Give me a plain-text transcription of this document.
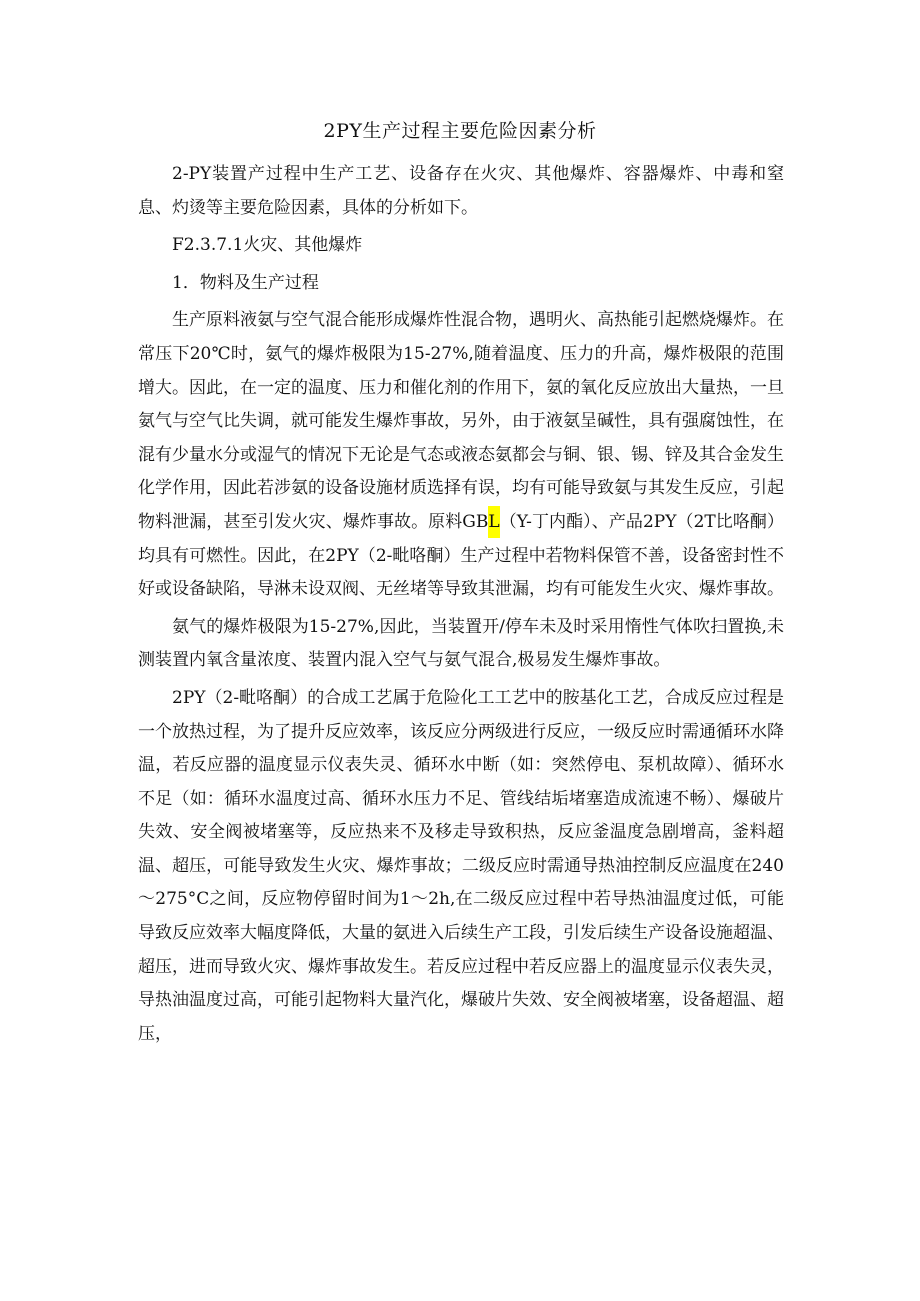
2PY生产过程主要危险因素分析

2-PY装置产过程中生产工艺、设备存在火灾、其他爆炸、容器爆炸、中毒和窒息、灼烫等主要危险因素，具体的分析如下。

F2.3.7.1火灾、其他爆炸

1．物料及生产过程

生产原料液氨与空气混合能形成爆炸性混合物，遇明火、高热能引起燃烧爆炸。在常压下20℃时，氨气的爆炸极限为15-27%,随着温度、压力的升高，爆炸极限的范围增大。因此，在一定的温度、压力和催化剂的作用下，氨的氧化反应放出大量热，一旦氨气与空气比失调，就可能发生爆炸事故，另外，由于液氨呈碱性，具有强腐蚀性，在混有少量水分或湿气的情况下无论是气态或液态氨都会与铜、银、锡、锌及其合金发生化学作用，因此若涉氨的设备设施材质选择有误，均有可能导致氨与其发生反应，引起物料泄漏，甚至引发火灾、爆炸事故。原料GBL（Y-丁内酯）、产品2PY（2T比咯酮）均具有可燃性。因此，在2PY（2-毗咯酮）生产过程中若物料保管不善，设备密封性不好或设备缺陷，导淋未设双阀、无丝堵等导致其泄漏，均有可能发生火灾、爆炸事故。

氨气的爆炸极限为15-27%,因此，当装置开/停车未及时采用惰性气体吹扫置换,未测装置内氧含量浓度、装置内混入空气与氨气混合,极易发生爆炸事故。

2PY（2-毗咯酮）的合成工艺属于危险化工工艺中的胺基化工艺，合成反应过程是一个放热过程，为了提升反应效率，该反应分两级进行反应，一级反应时需通循环水降温，若反应器的温度显示仪表失灵、循环水中断（如：突然停电、泵机故障）、循环水不足（如：循环水温度过高、循环水压力不足、管线结垢堵塞造成流速不畅）、爆破片失效、安全阀被堵塞等，反应热来不及移走导致积热，反应釜温度急剧增高，釜料超温、超压，可能导致发生火灾、爆炸事故；二级反应时需通导热油控制反应温度在240～275°C之间，反应物停留时间为1～2h,在二级反应过程中若导热油温度过低，可能导致反应效率大幅度降低，大量的氨进入后续生产工段，引发后续生产设备设施超温、超压，进而导致火灾、爆炸事故发生。若反应过程中若反应器上的温度显示仪表失灵，导热油温度过高，可能引起物料大量汽化，爆破片失效、安全阀被堵塞，设备超温、超压，
